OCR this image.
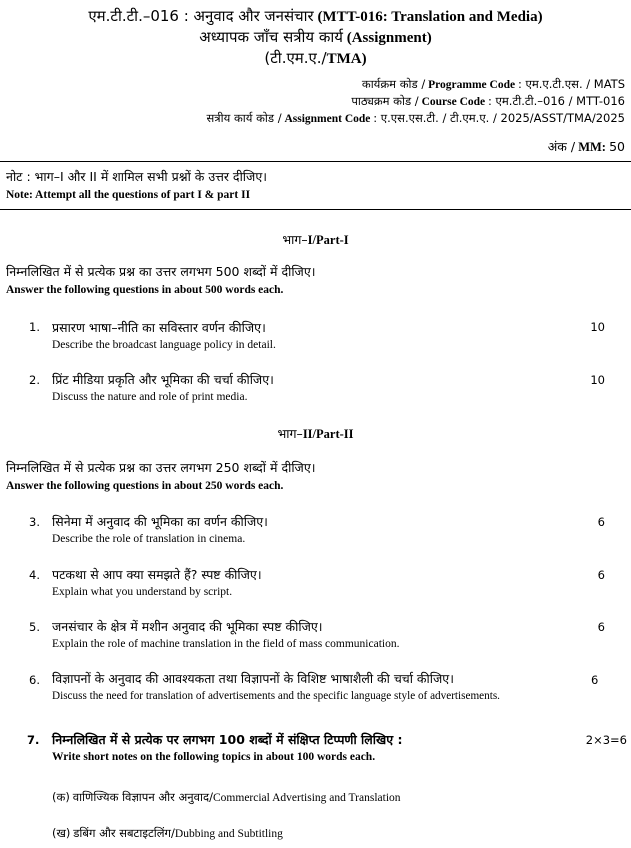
एम.टी.टी.–016 : अनुवाद और जनसंचार (MTT-016: Translation and Media)
अध्यापक जाँच सत्रीय कार्य (Assignment)
(टी.एम.ए./TMA)
कार्यक्रम कोड / Programme Code : एम.ए.टी.एस. / MATS
पाठ्यक्रम कोड / Course Code : एम.टी.टी.–016 / MTT-016
सत्रीय कार्य कोड / Assignment Code : ए.एस.एस.टी. / टी.एम.ए. / 2025/ASST/TMA/2025
अंक / MM: 50
नोट : भाग–I और II में शामिल सभी प्रश्नों के उत्तर दीजिए।
Note: Attempt all the questions of part I & part II
भाग–I/Part-I
निम्नलिखित में से प्रत्येक प्रश्न का उत्तर लगभग 500 शब्दों में दीजिए।
Answer the following questions in about 500 words each.
1. प्रसारण भाषा–नीति का सविस्तार वर्णन कीजिए।
Describe the broadcast language policy in detail.
10
2. प्रिंट मीडिया प्रकृति और भूमिका की चर्चा कीजिए।
Discuss the nature and role of print media.
10
भाग–II/Part-II
निम्नलिखित में से प्रत्येक प्रश्न का उत्तर लगभग 250 शब्दों में दीजिए।
Answer the following questions in about 250 words each.
3. सिनेमा में अनुवाद की भूमिका का वर्णन कीजिए।
Describe the role of translation in cinema.
6
4. पटकथा से आप क्या समझते हैं? स्पष्ट कीजिए।
Explain what you understand by script.
6
5. जनसंचार के क्षेत्र में मशीन अनुवाद की भूमिका स्पष्ट कीजिए।
Explain the role of machine translation in the field of mass communication.
6
6. विज्ञापनों के अनुवाद की आवश्यकता तथा विज्ञापनों के विशिष्ट भाषाशैली की चर्चा कीजिए।
Discuss the need for translation of advertisements and the specific language style of advertisements.
6
7. निम्नलिखित में से प्रत्येक पर लगभग 100 शब्दों में संक्षिप्त टिप्पणी लिखिए :
Write short notes on the following topics in about 100 words each.
2×3=6
(क) वाणिज्यिक विज्ञापन और अनुवाद/Commercial Advertising and Translation
(ख) डबिंग और सबटाइटलिंग/Dubbing and Subtitling
